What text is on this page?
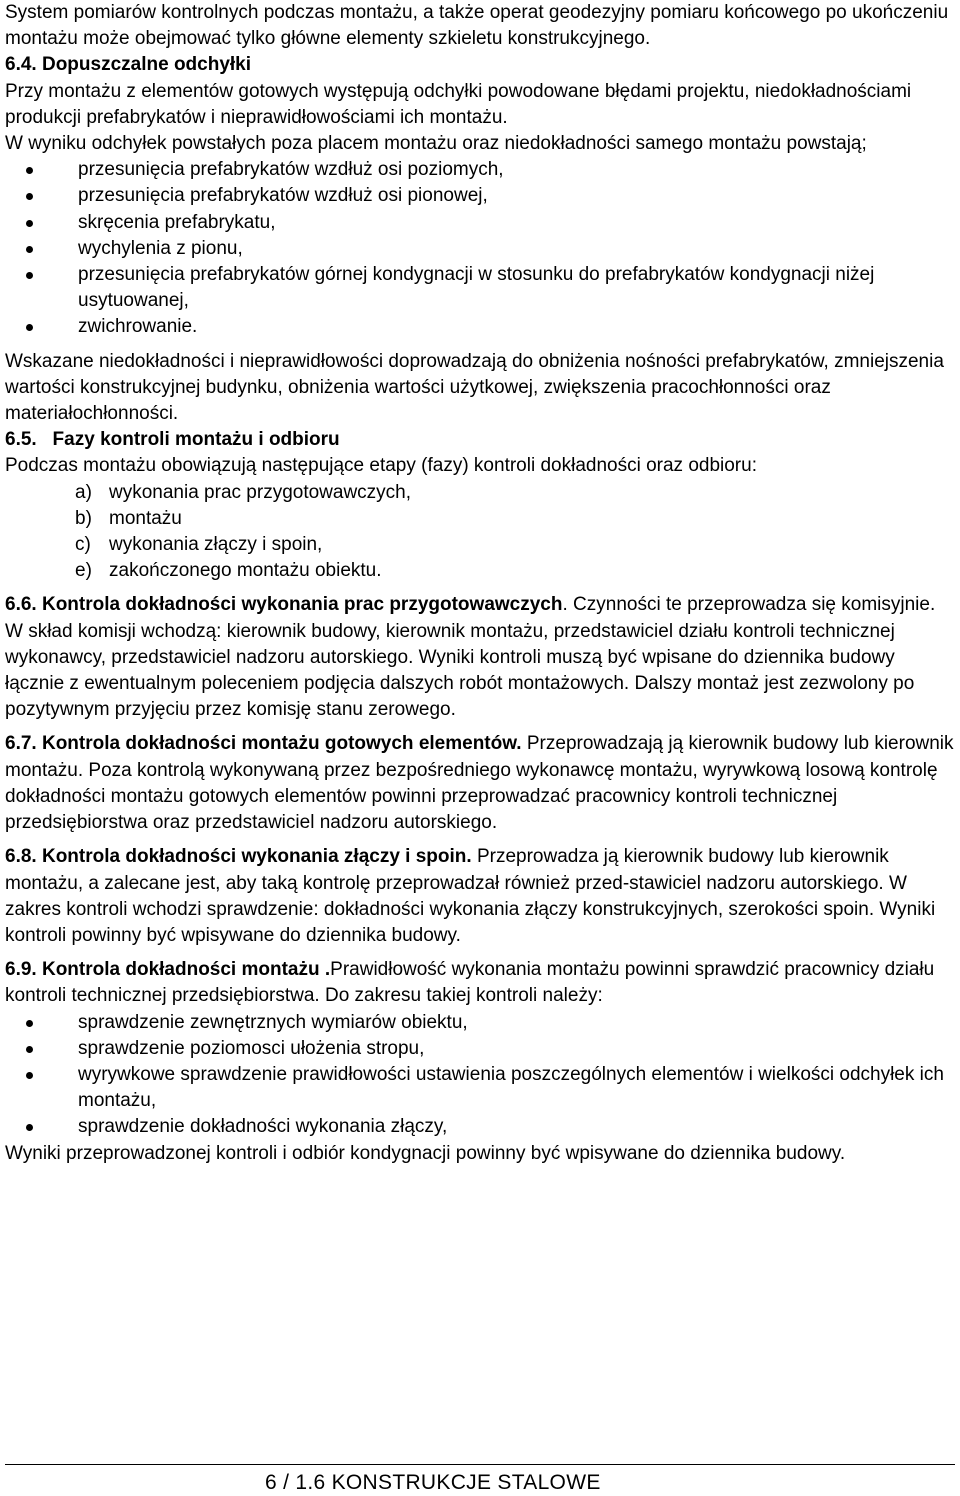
System pomiarów kontrolnych podczas montażu, a także operat geodezyjny pomiaru końcowego po ukończeniu montażu może obejmować tylko główne elementy szkieletu konstrukcyjnego.

6.4. Dopuszczalne odchyłki

Przy montażu z elementów gotowych występują odchyłki powodowane błędami projektu, niedokładnościami produkcji prefabrykatów i nieprawidłowościami ich montażu.

W wyniku odchyłek powstałych poza placem montażu oraz niedokładności samego montażu powstają;

przesunięcia prefabrykatów wzdłuż osi poziomych,
przesunięcia prefabrykatów wzdłuż osi pionowej,
skręcenia prefabrykatu,
wychylenia z pionu,
przesunięcia prefabrykatów górnej kondygnacji w stosunku do prefabrykatów kondygnacji niżej usytuowanej,
zwichrowanie.

Wskazane niedokładności i nieprawidłowości doprowadzają do obniżenia nośności prefabrykatów, zmniejszenia wartości konstrukcyjnej budynku, obniżenia wartości użytkowej, zwiększenia pracochłonności oraz materiałochłonności.

6.5. Fazy kontroli montażu i odbioru

Podczas montażu obowiązują następujące etapy (fazy) kontroli dokładności oraz odbioru:

a) wykonania prac przygotowawczych,
b) montażu
c) wykonania złączy i spoin,
e) zakończonego montażu obiektu.

6.6. Kontrola dokładności wykonania prac przygotowawczych. Czynności te przeprowadza się komisyjnie. W skład komisji wchodzą: kierownik budowy, kierownik montażu, przedstawiciel działu kontroli technicznej wykonawcy, przedstawiciel nadzoru autorskiego. Wyniki kontroli muszą być wpisane do dziennika budowy łącznie z ewentualnym poleceniem podjęcia dalszych robót montażowych. Dalszy montaż jest zezwolony po pozytywnym przyjęciu przez komisję stanu zerowego.

6.7. Kontrola dokładności montażu gotowych elementów. Przeprowadzają ją kierownik budowy lub kierownik montażu. Poza kontrolą wykonywaną przez bezpośredniego wykonawcę montażu, wyrywkową losową kontrolę dokładności montażu gotowych elementów powinni przeprowadzać pracownicy kontroli technicznej przedsiębiorstwa oraz przedstawiciel nadzoru autorskiego.

6.8. Kontrola dokładności wykonania złączy i spoin. Przeprowadza ją kierownik budowy lub kierownik montażu, a zalecane jest, aby taką kontrolę przeprowadzał również przed-stawiciel nadzoru autorskiego. W zakres kontroli wchodzi sprawdzenie: dokładności wykonania złączy konstrukcyjnych, szerokości spoin. Wyniki kontroli powinny być wpisywane do dziennika budowy.

6.9. Kontrola dokładności montażu .Prawidłowość wykonania montażu powinni sprawdzić pracownicy działu kontroli technicznej przedsiębiorstwa. Do zakresu takiej kontroli należy:

sprawdzenie zewnętrznych wymiarów obiektu,
sprawdzenie poziomosci ułożenia stropu,
wyrywkowe sprawdzenie prawidłowości ustawienia poszczególnych elementów i wielkości odchyłek ich montażu,
sprawdzenie dokładności wykonania złączy,

Wyniki przeprowadzonej kontroli i odbiór kondygnacji powinny być wpisywane do dziennika budowy.

6 / 1.6 KONSTRUKCJE STALOWE
